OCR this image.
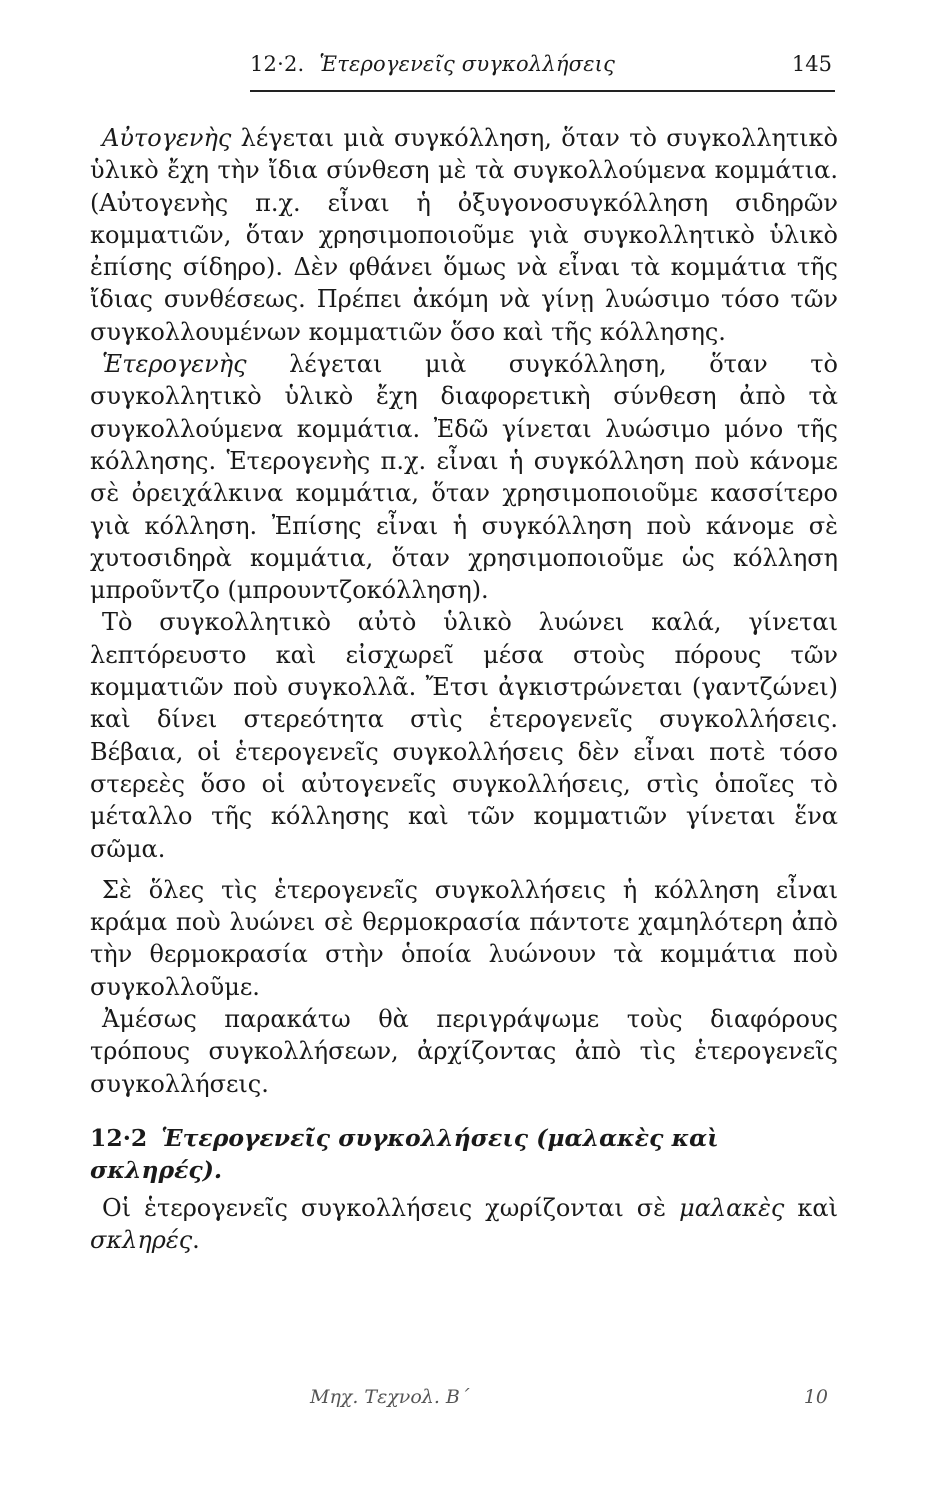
12·2. Ἑτερογενεῖς συγκολλήσεις	145

Αὐτογενὴς λέγεται μιὰ συγκόλληση, ὅταν τὸ συγκολλητικὸ ὑλικὸ ἔχη τὴν ἴδια σύνθεση μὲ τὰ συγκολλούμενα κομμάτια. (Αὐτογενὴς π.χ. εἶναι ἡ ὀξυγονοσυγκόλληση σιδηρῶν κομματιῶν, ὅταν χρησιμοποιοῦμε γιὰ συγκολλητικὸ ὑλικὸ ἐπίσης σίδηρο). Δὲν φθάνει ὅμως νὰ εἶναι τὰ κομμάτια τῆς ἴδιας συνθέσεως. Πρέπει ἀκόμη νὰ γίνῃ λυώσιμο τόσο τῶν συγκολλουμένων κομματιῶν ὅσο καὶ τῆς κόλλησης.

Ἑτερογενὴς λέγεται μιὰ συγκόλληση, ὅταν τὸ συγκολλητικὸ ὑλικὸ ἔχη διαφορετικὴ σύνθεση ἀπὸ τὰ συγκολλούμενα κομμάτια. Ἐδῶ γίνεται λυώσιμο μόνο τῆς κόλλησης. Ἑτερογενὴς π.χ. εἶναι ἡ συγκόλληση ποὺ κάνομε σὲ ὀρειχάλκινα κομμάτια, ὅταν χρησιμοποιοῦμε κασσίτερο γιὰ κόλληση. Ἐπίσης εἶναι ἡ συγκόλληση ποὺ κάνομε σὲ χυτοσιδηρὰ κομμάτια, ὅταν χρησιμοποιοῦμε ὡς κόλληση μπροῦντζο (μπρουντζοκόλληση).

Τὸ συγκολλητικὸ αὐτὸ ὑλικὸ λυώνει καλά, γίνεται λεπτόρευστο καὶ εἰσχωρεῖ μέσα στοὺς πόρους τῶν κομματιῶν ποὺ συγκολλᾶ. Ἔτσι ἀγκιστρώνεται (γαντζώνει) καὶ δίνει στερεότητα στὶς ἑτερογενεῖς συγκολλήσεις. Βέβαια, οἱ ἑτερογενεῖς συγκολλήσεις δὲν εἶναι ποτὲ τόσο στερεὲς ὅσο οἱ αὐτογενεῖς συγκολλήσεις, στὶς ὁποῖες τὸ μέταλλο τῆς κόλλησης καὶ τῶν κομματιῶν γίνεται ἕνα σῶμα.

Σὲ ὅλες τὶς ἑτερογενεῖς συγκολλήσεις ἡ κόλληση εἶναι κράμα ποὺ λυώνει σὲ θερμοκρασία πάντοτε χαμηλότερη ἀπὸ τὴν θερμοκρασία στὴν ὁποία λυώνουν τὰ κομμάτια ποὺ συγκολλοῦμε.

Ἀμέσως παρακάτω θὰ περιγράψωμε τοὺς διαφόρους τρόπους συγκολλήσεων, ἀρχίζοντας ἀπὸ τὶς ἑτερογενεῖς συγκολλήσεις.

12·2 Ἑτερογενεῖς συγκολλήσεις (μαλακὲς καὶ σκληρές).

Οἱ ἑτερογενεῖς συγκολλήσεις χωρίζονται σὲ μαλακὲς καὶ σκληρές.

Μηχ. Τεχνολ. Β΄	10
